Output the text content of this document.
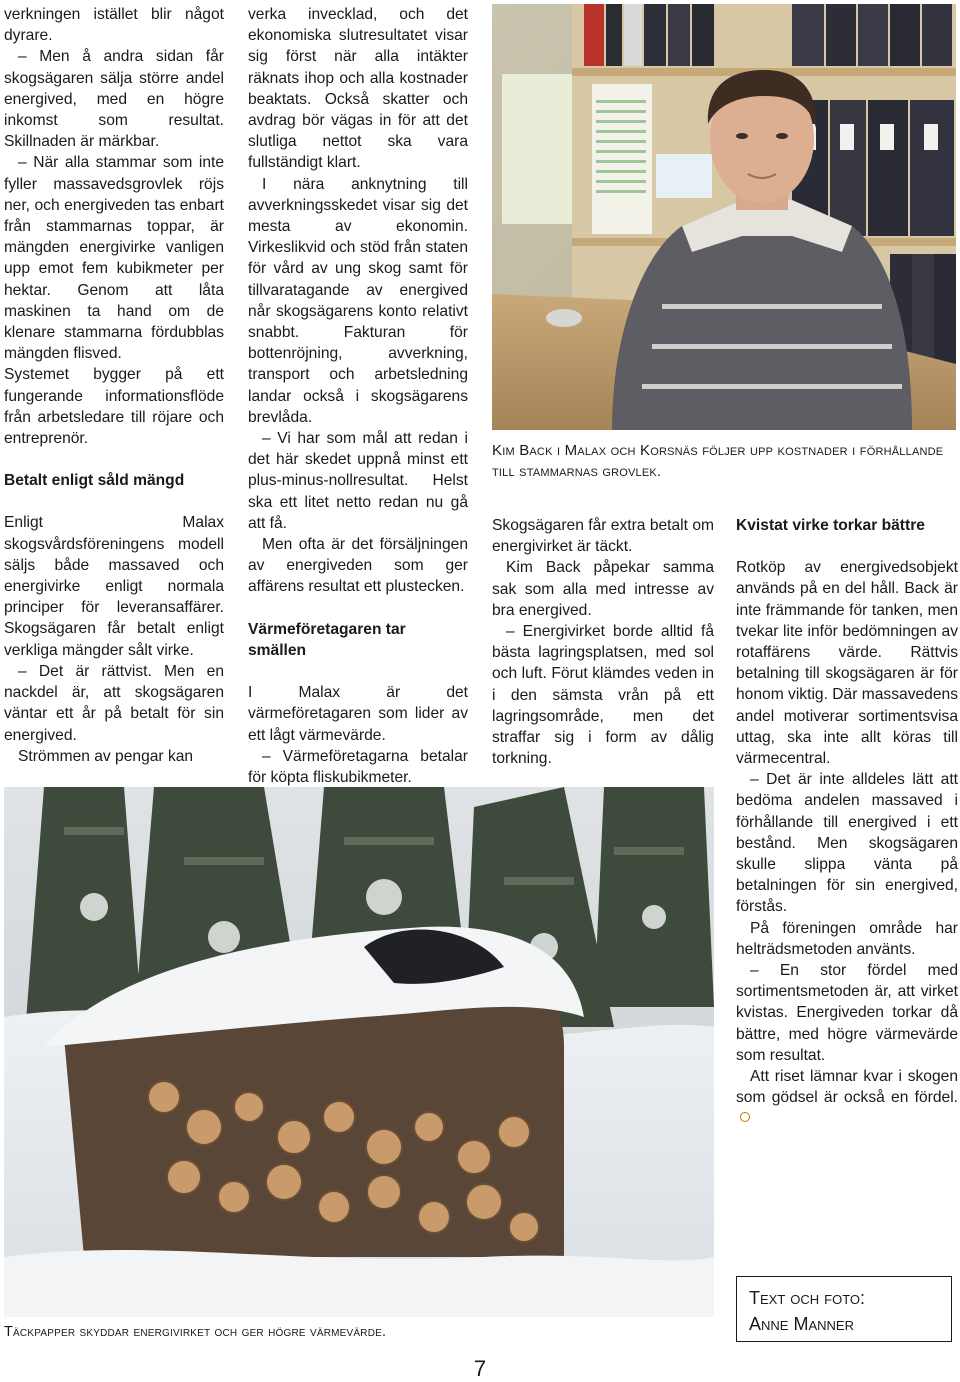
verkningen istället blir något dyrare.

– Men å andra sidan får skogsägaren sälja större andel energived, med en högre inkomst som resultat. Skillnaden är märkbar.

– När alla stammar som inte fyller massavedsgrovlek röjs ner, och energiveden tas enbart från stammarnas toppar, är mängden energivirke vanligen upp emot fem kubikmeter per hektar. Genom att låta maskinen ta hand om de klenare stammarna fördubblas mängden flisved.

Systemet bygger på ett fungerande informationsflöde från arbetsledare till röjare och entreprenör.

Betalt enligt såld mängd

Enligt Malax skogsvårdsföreningens modell säljs både massaved och energivirke enligt normala principer för leveransaffärer. Skogsägaren får betalt enligt verkliga mängder sålt virke.

– Det är rättvist. Men en nackdel är, att skogsägaren väntar ett år på betalt för sin energived.

Strömmen av pengar kan

verka invecklad, och det ekonomiska slutresultatet visar sig först när alla intäkter räknats ihop och alla kostnader beaktats. Också skatter och avdrag bör vägas in för att det slutliga nettot ska vara fullständigt klart.

I nära anknytning till avverkningsskedet visar sig det mesta av ekonomin. Virkeslikvid och stöd från staten för vård av ung skog samt för tillvaratagande av energived når skogsägarens konto relativt snabbt. Fakturan för bottenröjning, avverkning, transport och arbetsledning landar också i skogsägarens brevlåda.

– Vi har som mål att redan i det här skedet uppnå minst ett plus-minus-nollresultat. Helst ska ett litet netto redan nu gå att få.

Men ofta är det försäljningen av energiveden som ger affärens resultat ett plustecken.

Värmeföretagaren tar smällen

I Malax är det värmeföretagaren som lider av ett lågt värmevärde.

– Värmeföretagarna betalar för köpta fliskubikmeter.

Kim Back i Malax och Korsnäs följer upp kostnader i förhållande till stammarnas grovlek.

Skogsägaren får extra betalt om energivirket är täckt.

Kim Back påpekar samma sak som alla med intresse av bra energived.

– Energivirket borde alltid få bästa lagringsplatsen, med sol och luft. Förut klämdes veden in i den sämsta vrån på ett lagringsområde, men det straffar sig i form av dålig torkning.

Kvistat virke torkar bättre

Rotköp av energivedsobjekt används på en del håll. Back är inte främmande för tanken, men tvekar lite inför bedömningen av rotaffärens värde. Rättvis betalning till skogsägaren är för honom viktig. Där massavedens andel motiverar sortimentsvisa uttag, ska inte allt köras till värmecentral.

– Det är inte alldeles lätt att bedöma andelen massaved i förhållande till energived i ett bestånd. Men skogsägaren skulle slippa vänta på betalningen för sin energived, förstås.

På föreningen område har helträdsmetoden använts.

– En stor fördel med sortimentsmetoden är, att virket kvistas. Energiveden torkar då bättre, med högre värmevärde som resultat.

Att riset lämnar kvar i skogen som gödsel är också en fördel.

Täckpapper skyddar energivirket och ger högre värmevärde.
Text och foto:
Anne Manner
7
